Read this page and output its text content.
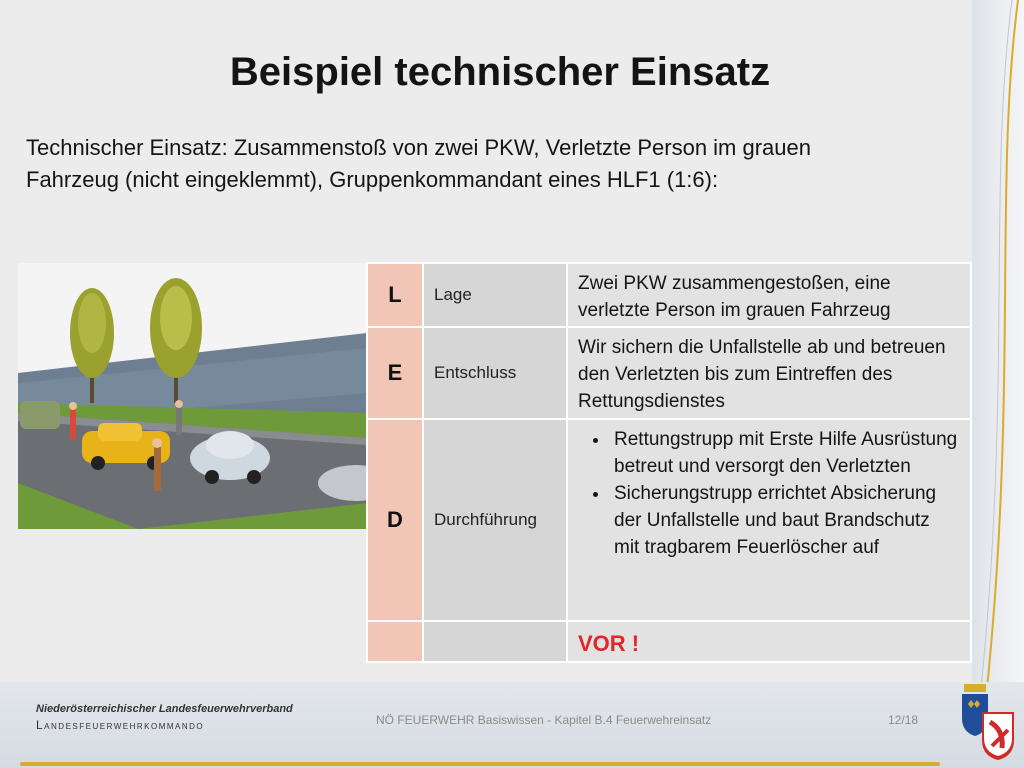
Beispiel technischer Einsatz
Technischer Einsatz: Zusammenstoß von zwei PKW, Verletzte Person im grauen
Fahrzeug (nicht eingeklemmt), Gruppenkommandant eines HLF1 (1:6):
L	Lage
Zwei PKW zusammengestoßen, eine verletzte Person im grauen Fahrzeug
E	Entschluss
Wir sichern die Unfallstelle ab und betreuen den Verletzten bis zum Eintreffen des Rettungsdienstes
D	Durchführung
• Rettungstrupp mit Erste Hilfe Ausrüstung betreut und versorgt den Verletzten
• Sicherungstrupp errichtet Absicherung der Unfallstelle und baut Brandschutz mit tragbarem Feuerlöscher auf
VOR !
Niederösterreichischer Landesfeuerwehrverband
Landesfeuerwehrkommando	NÖ FEUERWEHR Basiswissen - Kapitel B.4 Feuerwehreinsatz	12/18
